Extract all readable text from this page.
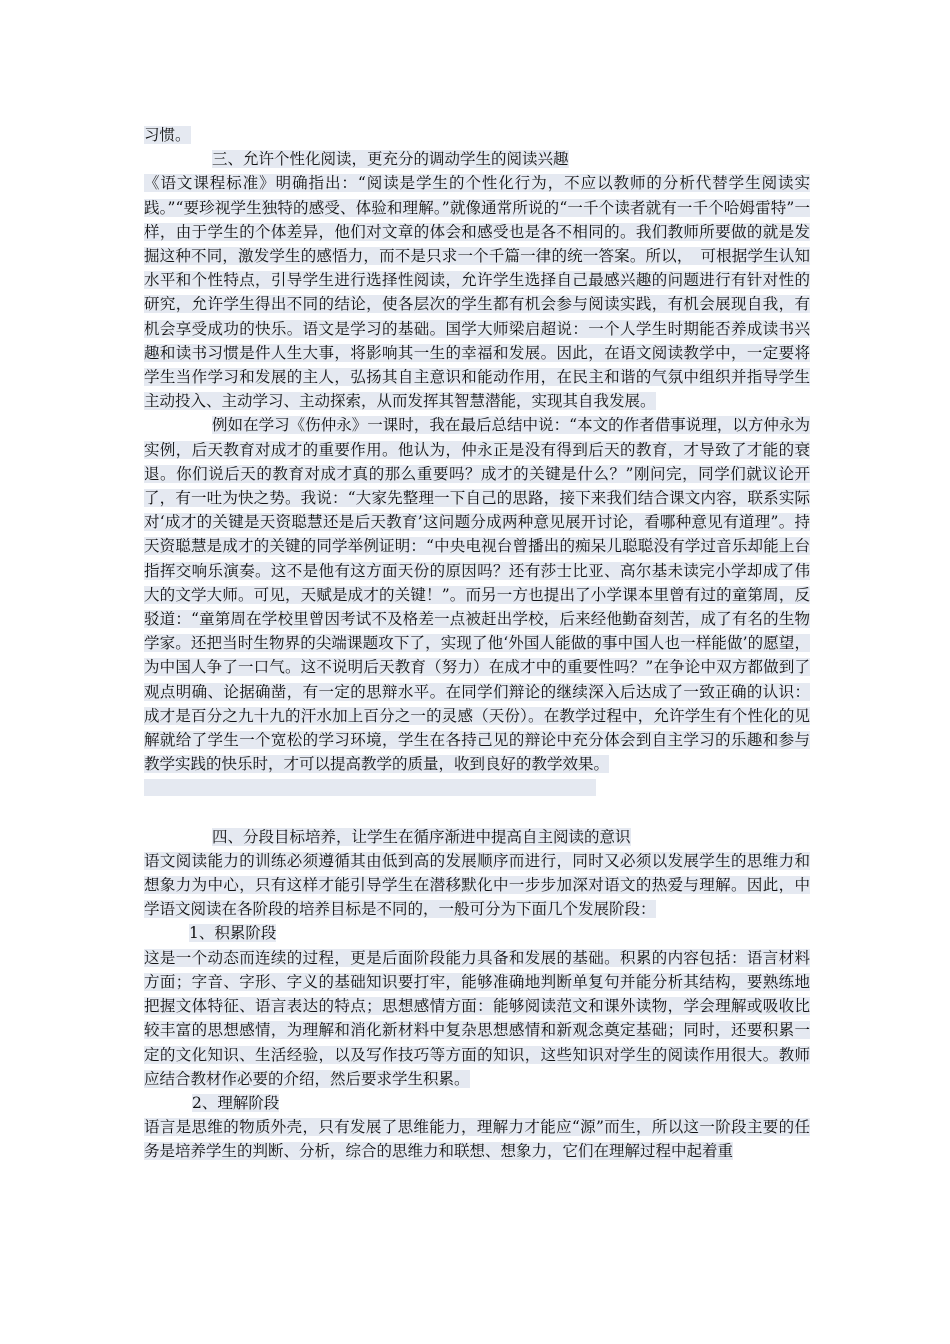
习惯。

三、允许个性化阅读，更充分的调动学生的阅读兴趣

《语文课程标准》明确指出：“阅读是学生的个性化行为，不应以教师的分析代替学生阅读实践。”“要珍视学生独特的感受、体验和理解。”就像通常所说的“一千个读者就有一千个哈姆雷特”一样，由于学生的个体差异，他们对文章的体会和感受也是各不相同的。我们教师所要做的就是发掘这种不同，激发学生的感悟力，而不是只求一个千篇一律的统一答案。所以，　可根据学生认知水平和个性特点，引导学生进行选择性阅读，允许学生选择自己最感兴趣的问题进行有针对性的研究，允许学生得出不同的结论，使各层次的学生都有机会参与阅读实践，有机会展现自我，有机会享受成功的快乐。语文是学习的基础。国学大师梁启超说：一个人学生时期能否养成读书兴趣和读书习惯是件人生大事，将影响其一生的幸福和发展。因此，在语文阅读教学中，一定要将学生当作学习和发展的主人，弘扬其自主意识和能动作用，在民主和谐的气氛中组织并指导学生主动投入、主动学习、主动探索，从而发挥其智慧潜能，实现其自我发展。

例如在学习《伤仲永》一课时，我在最后总结中说：“本文的作者借事说理，以方仲永为实例，后天教育对成才的重要作用。他认为，仲永正是没有得到后天的教育，才导致了才能的衰退。你们说后天的教育对成才真的那么重要吗？成才的关键是什么？”刚问完，同学们就议论开了，有一吐为快之势。我说：“大家先整理一下自己的思路，接下来我们结合课文内容，联系实际对‘成才的关键是天资聪慧还是后天教育’这问题分成两种意见展开讨论，看哪种意见有道理”。持天资聪慧是成才的关键的同学举例证明：“中央电视台曾播出的痴呆儿聪聪没有学过音乐却能上台指挥交响乐演奏。这不是他有这方面天份的原因吗？还有莎士比亚、高尔基未读完小学却成了伟大的文学大师。可见，天赋是成才的关键！”。而另一方也提出了小学课本里曾有过的童第周，反驳道：“童第周在学校里曾因考试不及格差一点被赶出学校，后来经他勤奋刻苦，成了有名的生物学家。还把当时生物界的尖端课题攻下了，实现了他‘外国人能做的事中国人也一样能做’的愿望，为中国人争了一口气。这不说明后天教育（努力）在成才中的重要性吗？”在争论中双方都做到了观点明确、论据确凿，有一定的思辩水平。在同学们辩论的继续深入后达成了一致正确的认识：成才是百分之九十九的汗水加上百分之一的灵感（天份）。在教学过程中，允许学生有个性化的见解就给了学生一个宽松的学习环境，学生在各持己见的辩论中充分体会到自主学习的乐趣和参与教学实践的快乐时，才可以提高教学的质量，收到良好的教学效果。

四、分段目标培养，让学生在循序渐进中提高自主阅读的意识

语文阅读能力的训练必须遵循其由低到高的发展顺序而进行，同时又必须以发展学生的思维力和想象力为中心，只有这样才能引导学生在潜移默化中一步步加深对语文的热爱与理解。因此，中学语文阅读在各阶段的培养目标是不同的，一般可分为下面几个发展阶段：

1、积累阶段

这是一个动态而连续的过程，更是后面阶段能力具备和发展的基础。积累的内容包括：语言材料方面；字音、字形、字义的基础知识要打牢，能够准确地判断单复句并能分析其结构，要熟练地把握文体特征、语言表达的特点；思想感情方面：能够阅读范文和课外读物，学会理解或吸收比较丰富的思想感情，为理解和消化新材料中复杂思想感情和新观念奠定基础；同时，还要积累一定的文化知识、生活经验，以及写作技巧等方面的知识，这些知识对学生的阅读作用很大。教师应结合教材作必要的介绍，然后要求学生积累。

2、理解阶段

语言是思维的物质外壳，只有发展了思维能力，理解力才能应“源”而生，所以这一阶段主要的任务是培养学生的判断、分析，综合的思维力和联想、想象力，它们在理解过程中起着重
